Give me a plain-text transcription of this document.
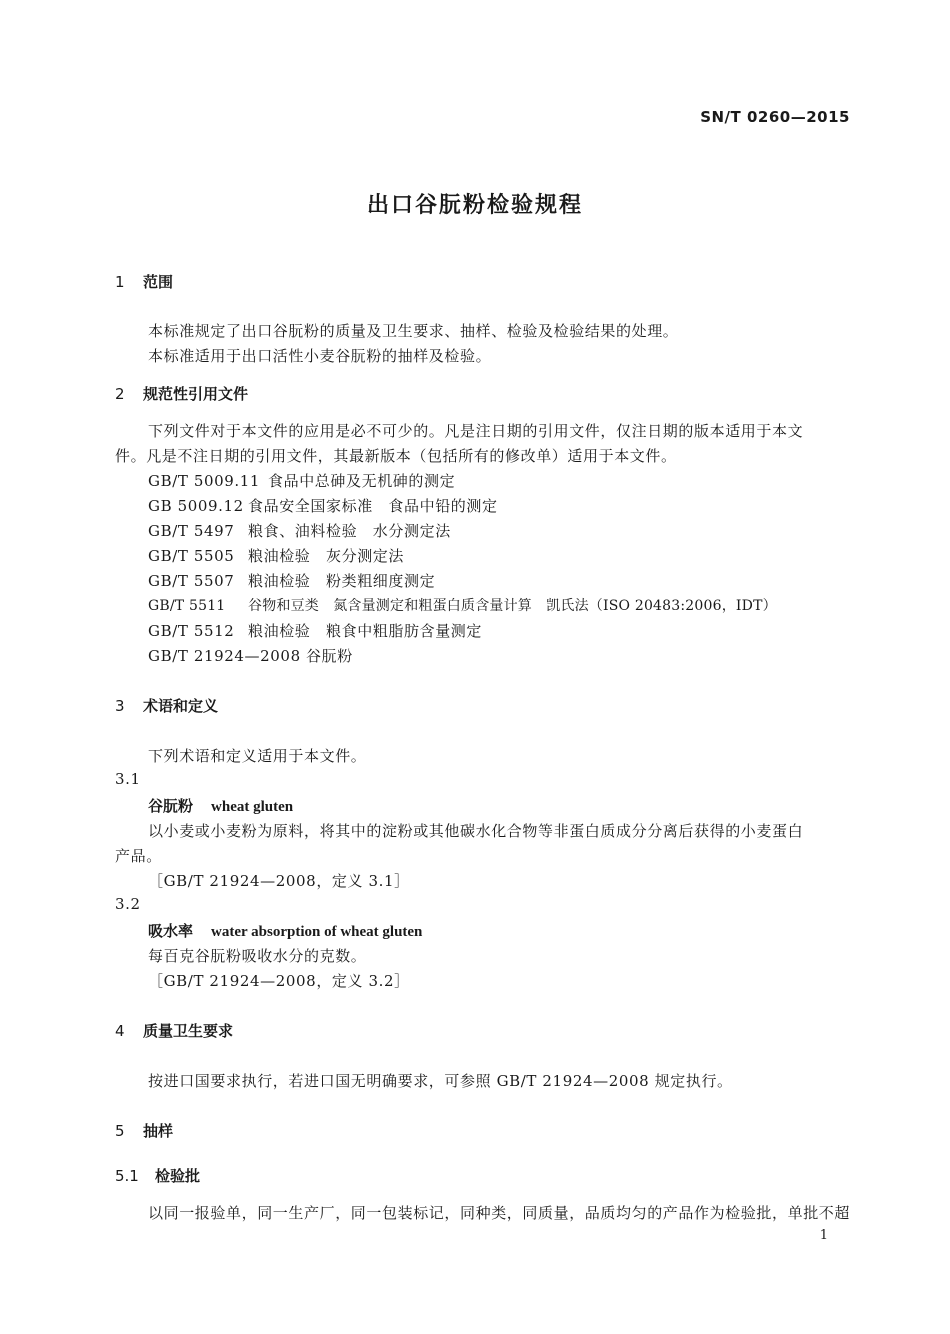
SN/T 0260—2015
出口谷朊粉检验规程
1 范围
本标准规定了出口谷朊粉的质量及卫生要求、抽样、检验及检验结果的处理。
本标准适用于出口活性小麦谷朊粉的抽样及检验。
2 规范性引用文件
下列文件对于本文件的应用是必不可少的。凡是注日期的引用文件，仅注日期的版本适用于本文
件。凡是不注日期的引用文件，其最新版本（包括所有的修改单）适用于本文件。
GB/T 5009.11 食品中总砷及无机砷的测定
GB 5009.12 食品安全国家标准　食品中铅的测定
GB/T 5497 粮食、油料检验　水分测定法
GB/T 5505 粮油检验　灰分测定法
GB/T 5507 粮油检验　粉类粗细度测定
GB/T 5511 谷物和豆类　氮含量测定和粗蛋白质含量计算　凯氏法（ISO 20483:2006，IDT）
GB/T 5512 粮油检验　粮食中粗脂肪含量测定
GB/T 21924—2008 谷朊粉
3 术语和定义
下列术语和定义适用于本文件。
3.1
谷朊粉 wheat gluten
以小麦或小麦粉为原料，将其中的淀粉或其他碳水化合物等非蛋白质成分分离后获得的小麦蛋白
产品。
［GB/T 21924—2008，定义 3.1］
3.2
吸水率 water absorption of wheat gluten
每百克谷朊粉吸收水分的克数。
［GB/T 21924—2008，定义 3.2］
4 质量卫生要求
按进口国要求执行，若进口国无明确要求，可参照 GB/T 21924—2008 规定执行。
5 抽样
5.1 检验批
以同一报验单，同一生产厂，同一包装标记，同种类，同质量，品质均匀的产品作为检验批，单批不超
1
